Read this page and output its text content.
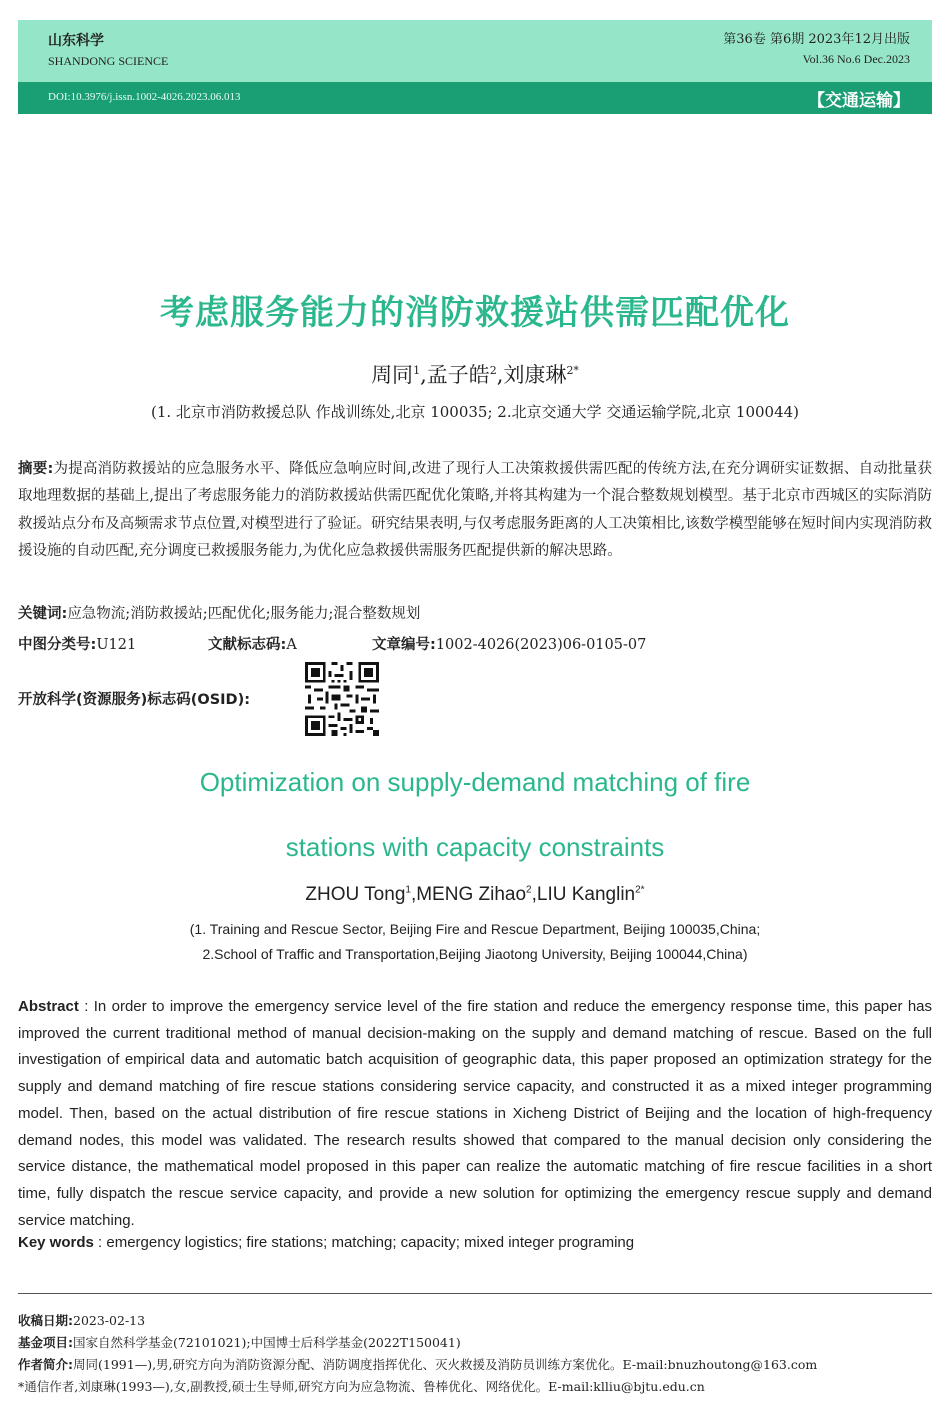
山东科学
SHANDONG SCIENCE
第36卷 第6期 2023年12月出版
Vol.36 No.6 Dec.2023
DOI:10.3976/j.issn.1002-4026.2023.06.013	【交通运输】
考虑服务能力的消防救援站供需匹配优化
周同$^1$,孟子皓$^2$,刘康琳$^{2*}$
(1. 北京市消防救援总队 作战训练处,北京 100035; 2.北京交通大学 交通运输学院,北京 100044)
摘要:为提高消防救援站的应急服务水平、降低应急响应时间,改进了现行人工决策救援供需匹配的传统方法,在充分调研实证数据、自动批量获取地理数据的基础上,提出了考虑服务能力的消防救援站供需匹配优化策略,并将其构建为一个混合整数规划模型。基于北京市西城区的实际消防救援站点分布及高频需求节点位置,对模型进行了验证。研究结果表明,与仅考虑服务距离的人工决策相比,该数学模型能够在短时间内实现消防救援设施的自动匹配,充分调度已救援服务能力,为优化应急救援供需服务匹配提供新的解决思路。
关键词:应急物流;消防救援站;匹配优化;服务能力;混合整数规划
中图分类号:U121	文献标志码:A	文章编号:1002-4026(2023)06-0105-07
开放科学(资源服务)标志码(OSID):
Optimization on supply-demand matching of fire
stations with capacity constraints
ZHOU Tong$^1$,MENG Zihao$^2$,LIU Kanglin$^{2*}$
(1. Training and Rescue Sector, Beijing Fire and Rescue Department, Beijing 100035,China;
2.School of Traffic and Transportation,Beijing Jiaotong University, Beijing 100044,China)
Abstract : In order to improve the emergency service level of the fire station and reduce the emergency response time, this paper has improved the current traditional method of manual decision-making on the supply and demand matching of rescue. Based on the full investigation of empirical data and automatic batch acquisition of geographic data, this paper proposed an optimization strategy for the supply and demand matching of fire rescue stations considering service capacity, and constructed it as a mixed integer programming model. Then, based on the actual distribution of fire rescue stations in Xicheng District of Beijing and the location of high-frequency demand nodes, this model was validated. The research results showed that compared to the manual decision only considering the service distance, the mathematical model proposed in this paper can realize the automatic matching of fire rescue facilities in a short time, fully dispatch the rescue service capacity, and provide a new solution for optimizing the emergency rescue supply and demand service matching.
Key words : emergency logistics; fire stations; matching; capacity; mixed integer programing
收稿日期:2023-02-13
基金项目:国家自然科学基金(72101021);中国博士后科学基金(2022T150041)
作者简介:周同(1991—),男,研究方向为消防资源分配、消防调度指挥优化、灭火救援及消防员训练方案优化。E-mail:bnuzhoutong@163.com
*通信作者,刘康琳(1993—),女,副教授,硕士生导师,研究方向为应急物流、鲁棒优化、网络优化。E-mail:klliu@bjtu.edu.cn
